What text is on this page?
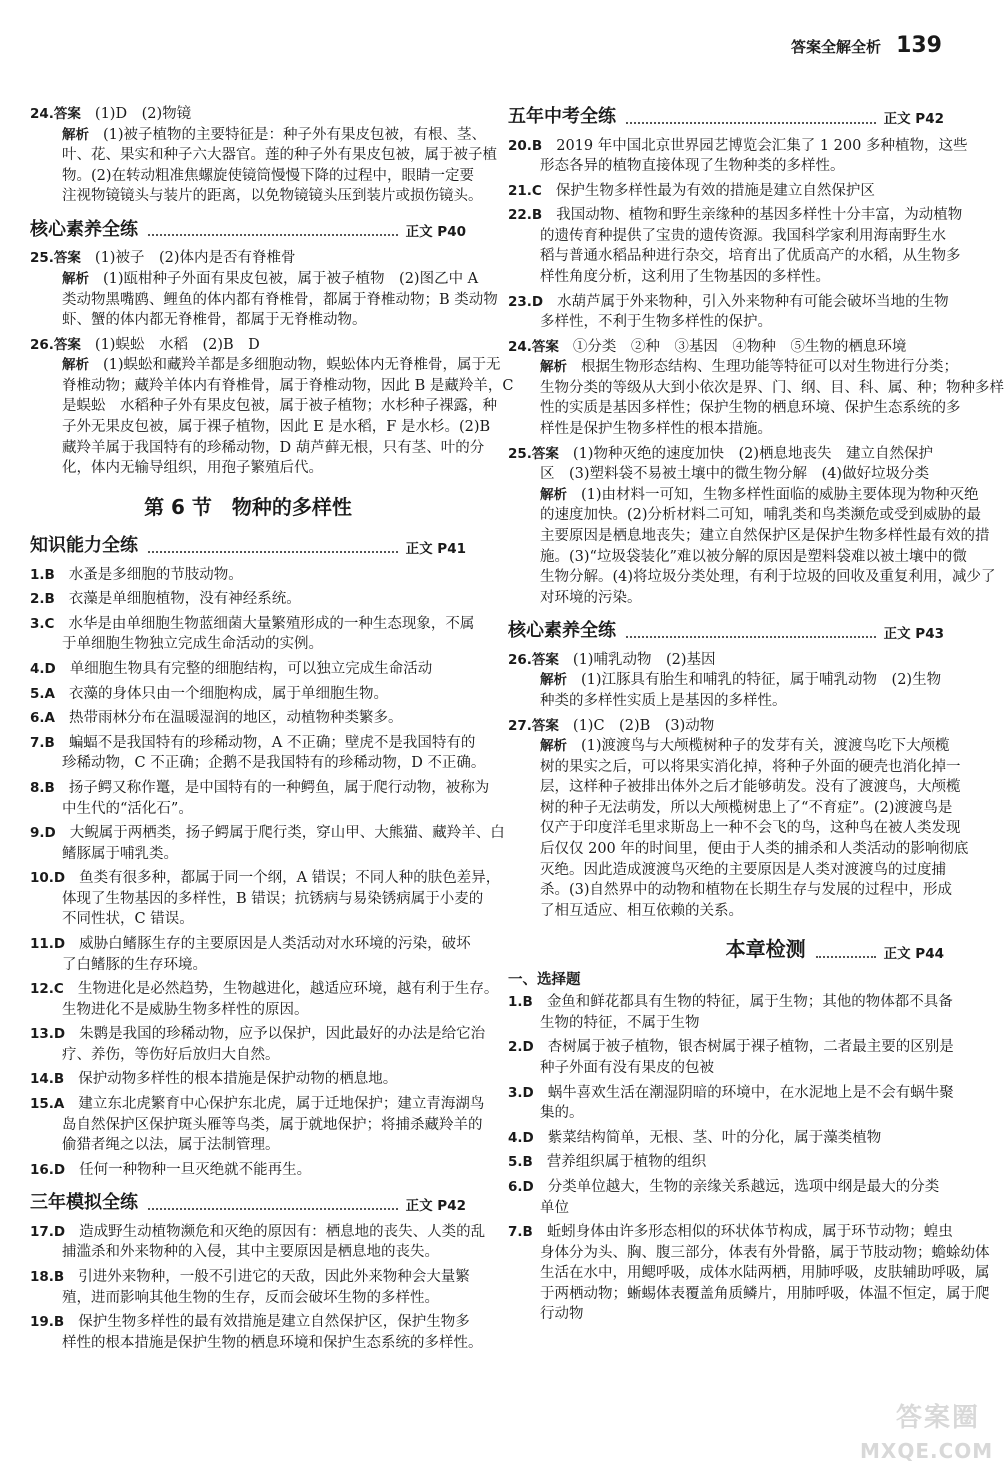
答案全解全析 139
24.答案 (1)D　(2)物镜
解析 (1)被子植物的主要特征是：种子外有果皮包被，有根、茎、
叶、花、果实和种子六大器官。莲的种子外有果皮包被，属于被子植
物。(2)在转动粗准焦螺旋使镜筒慢慢下降的过程中，眼睛一定要
注视物镜镜头与装片的距离，以免物镜镜头压到装片或损伤镜头。
核心素养全练	正文 P40
25.答案 (1)被子　(2)体内是否有脊椎骨
解析 (1)瓯柑种子外面有果皮包被，属于被子植物　(2)图乙中 A
类动物黑嘴鸥、鲤鱼的体内都有脊椎骨，都属于脊椎动物；B 类动物
虾、蟹的体内都无脊椎骨，都属于无脊椎动物。
26.答案 (1)蜈蚣　水稻　(2)B　D
解析 (1)蜈蚣和藏羚羊都是多细胞动物，蜈蚣体内无脊椎骨，属于无
脊椎动物；藏羚羊体内有脊椎骨，属于脊椎动物，因此 B 是藏羚羊，C
是蜈蚣　水稻种子外有果皮包被，属于被子植物；水杉种子裸露，种
子外无果皮包被，属于裸子植物，因此 E 是水稻，F 是水杉。(2)B
藏羚羊属于我国特有的珍稀动物，D 葫芦藓无根，只有茎、叶的分
化，体内无输导组织，用孢子繁殖后代。
第 6 节　物种的多样性
知识能力全练	正文 P41
1.B 水蚤是多细胞的节肢动物。
2.B 衣藻是单细胞植物，没有神经系统。
3.C 水华是由单细胞生物蓝细菌大量繁殖形成的一种生态现象，不属
于单细胞生物独立完成生命活动的实例。
4.D 单细胞生物具有完整的细胞结构，可以独立完成生命活动
5.A 衣藻的身体只由一个细胞构成，属于单细胞生物。
6.A 热带雨林分布在温暖湿润的地区，动植物种类繁多。
7.B 蝙蝠不是我国特有的珍稀动物，A 不正确；壁虎不是我国特有的
珍稀动物，C 不正确；企鹅不是我国特有的珍稀动物，D 不正确。
8.B 扬子鳄又称作鼍，是中国特有的一种鳄鱼，属于爬行动物，被称为
中生代的“活化石”。
9.D 大鲵属于两栖类，扬子鳄属于爬行类，穿山甲、大熊猫、藏羚羊、白
鳍豚属于哺乳类。
10.D 鱼类有很多种，都属于同一个纲，A 错误；不同人种的肤色差异，
体现了生物基因的多样性，B 错误；抗锈病与易染锈病属于小麦的
不同性状，C 错误。
11.D 威胁白鳍豚生存的主要原因是人类活动对水环境的污染，破坏
了白鳍豚的生存环境。
12.C 生物进化是必然趋势，生物越进化，越适应环境，越有利于生存。
生物进化不是威胁生物多样性的原因。
13.D 朱鹮是我国的珍稀动物，应予以保护，因此最好的办法是给它治
疗、养伤，等伤好后放归大自然。
14.B 保护动物多样性的根本措施是保护动物的栖息地。
15.A 建立东北虎繁育中心保护东北虎，属于迁地保护；建立青海湖鸟
岛自然保护区保护斑头雁等鸟类，属于就地保护；将捕杀藏羚羊的
偷猎者绳之以法，属于法制管理。
16.D 任何一种物种一旦灭绝就不能再生。
三年模拟全练	正文 P42
17.D 造成野生动植物濒危和灭绝的原因有：栖息地的丧失、人类的乱
捕滥杀和外来物种的入侵，其中主要原因是栖息地的丧失。
18.B 引进外来物种，一般不引进它的天敌，因此外来物种会大量繁
殖，进而影响其他生物的生存，反而会破坏生物的多样性。
19.B 保护生物多样性的最有效措施是建立自然保护区，保护生物多
样性的根本措施是保护生物的栖息环境和保护生态系统的多样性。
五年中考全练	正文 P42
20.B 2019 年中国北京世界园艺博览会汇集了 1 200 多种植物，这些
形态各异的植物直接体现了生物种类的多样性。
21.C 保护生物多样性最为有效的措施是建立自然保护区
22.B 我国动物、植物和野生亲缘种的基因多样性十分丰富，为动植物
的遗传育种提供了宝贵的遗传资源。我国科学家利用海南野生水
稻与普通水稻品种进行杂交，培育出了优质高产的水稻，从生物多
样性角度分析，这利用了生物基因的多样性。
23.D 水葫芦属于外来物种，引入外来物种有可能会破坏当地的生物
多样性，不利于生物多样性的保护。
24.答案 ①分类　②种　③基因　④物种　⑤生物的栖息环境
解析 根据生物形态结构、生理功能等特征可以对生物进行分类；
生物分类的等级从大到小依次是界、门、纲、目、科、属、种；物种多样
性的实质是基因多样性；保护生物的栖息环境、保护生态系统的多
样性是保护生物多样性的根本措施。
25.答案 (1)物种灭绝的速度加快　(2)栖息地丧失　建立自然保护
区　(3)塑料袋不易被土壤中的微生物分解　(4)做好垃圾分类
解析 (1)由材料一可知，生物多样性面临的威胁主要体现为物种灭绝
的速度加快。(2)分析材料二可知，哺乳类和鸟类濒危或受到威胁的最
主要原因是栖息地丧失；建立自然保护区是保护生物多样性最有效的措
施。(3)“垃圾袋装化”难以被分解的原因是塑料袋难以被土壤中的微
生物分解。(4)将垃圾分类处理，有利于垃圾的回收及重复利用，减少了
对环境的污染。
核心素养全练	正文 P43
26.答案 (1)哺乳动物　(2)基因
解析 (1)江豚具有胎生和哺乳的特征，属于哺乳动物　(2)生物
种类的多样性实质上是基因的多样性。
27.答案 (1)C　(2)B　(3)动物
解析 (1)渡渡鸟与大颅榄树种子的发芽有关，渡渡鸟吃下大颅榄
树的果实之后，可以将果实消化掉，将种子外面的硬壳也消化掉一
层，这样种子被排出体外之后才能够萌发。没有了渡渡鸟，大颅榄
树的种子无法萌发，所以大颅榄树患上了“不育症”。(2)渡渡鸟是
仅产于印度洋毛里求斯岛上一种不会飞的鸟，这种鸟在被人类发现
后仅仅 200 年的时间里，便由于人类的捕杀和人类活动的影响彻底
灭绝。因此造成渡渡鸟灭绝的主要原因是人类对渡渡鸟的过度捕
杀。(3)自然界中的动物和植物在长期生存与发展的过程中，形成
了相互适应、相互依赖的关系。
本章检测	正文 P44
一、选择题
1.B 金鱼和鲜花都具有生物的特征，属于生物；其他的物体都不具备
生物的特征，不属于生物
2.D 杏树属于被子植物，银杏树属于裸子植物，二者最主要的区别是
种子外面有没有果皮的包被
3.D 蜗牛喜欢生活在潮湿阴暗的环境中，在水泥地上是不会有蜗牛聚
集的。
4.D 紫菜结构简单，无根、茎、叶的分化，属于藻类植物
5.B 营养组织属于植物的组织
6.D 分类单位越大，生物的亲缘关系越远，选项中纲是最大的分类
单位
7.B 蚯蚓身体由许多形态相似的环状体节构成，属于环节动物；蝗虫
身体分为头、胸、腹三部分，体表有外骨骼，属于节肢动物；蟾蜍幼体
生活在水中，用鳃呼吸，成体水陆两栖，用肺呼吸，皮肤辅助呼吸，属
于两栖动物；蜥蜴体表覆盖角质鳞片，用肺呼吸，体温不恒定，属于爬
行动物
答案圈
MXQE.COM
